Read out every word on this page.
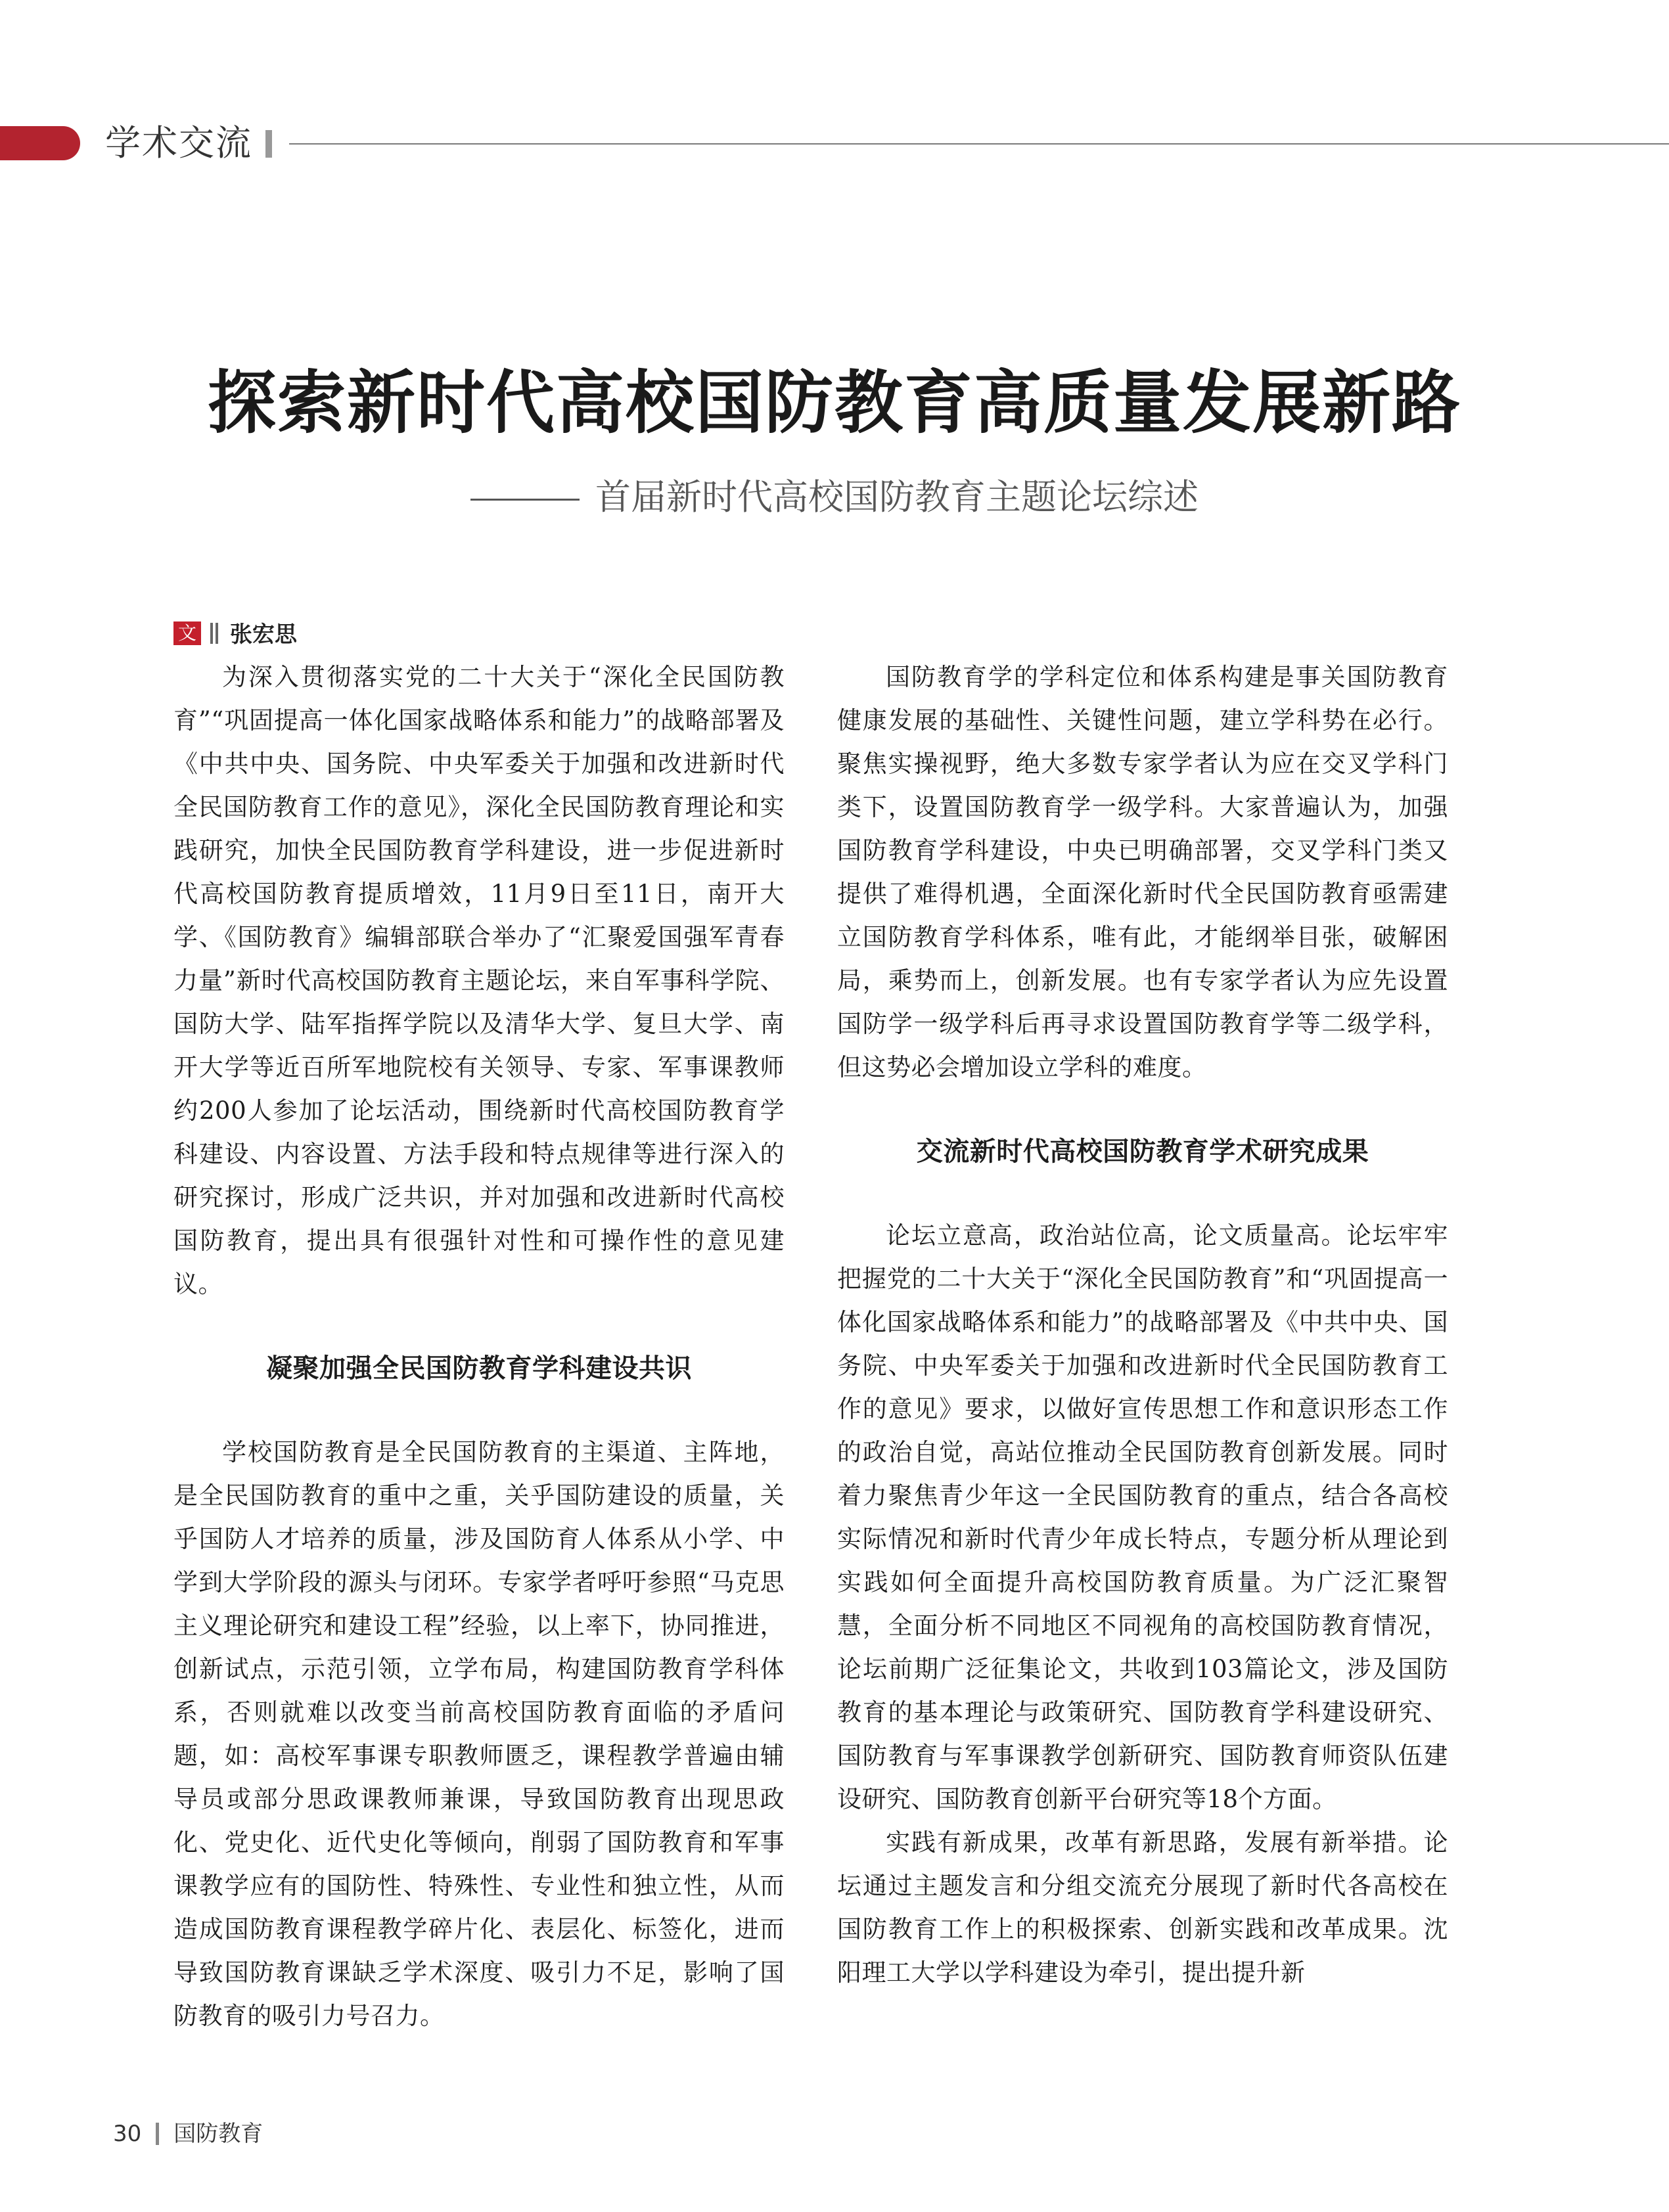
学术交流
探索新时代高校国防教育高质量发展新路
首届新时代高校国防教育主题论坛综述
文 张宏思

为深入贯彻落实党的二十大关于“深化全民国防教育”“巩固提高一体化国家战略体系和能力”的战略部署及《中共中央、国务院、中央军委关于加强和改进新时代全民国防教育工作的意见》，深化全民国防教育理论和实践研究，加快全民国防教育学科建设，进一步促进新时代高校国防教育提质增效，11月9日至11日，南开大学、《国防教育》编辑部联合举办了“汇聚爱国强军青春力量”新时代高校国防教育主题论坛，来自军事科学院、国防大学、陆军指挥学院以及清华大学、复旦大学、南开大学等近百所军地院校有关领导、专家、军事课教师约200人参加了论坛活动，围绕新时代高校国防教育学科建设、内容设置、方法手段和特点规律等进行深入的研究探讨，形成广泛共识，并对加强和改进新时代高校国防教育，提出具有很强针对性和可操作性的意见建议。

凝聚加强全民国防教育学科建设共识

学校国防教育是全民国防教育的主渠道、主阵地，是全民国防教育的重中之重，关乎国防建设的质量，关乎国防人才培养的质量，涉及国防育人体系从小学、中学到大学阶段的源头与闭环。专家学者呼吁参照“马克思主义理论研究和建设工程”经验，以上率下，协同推进，创新试点，示范引领，立学布局，构建国防教育学科体系，否则就难以改变当前高校国防教育面临的矛盾问题，如：高校军事课专职教师匮乏，课程教学普遍由辅导员或部分思政课教师兼课，导致国防教育出现思政化、党史化、近代史化等倾向，削弱了国防教育和军事课教学应有的国防性、特殊性、专业性和独立性，从而造成国防教育课程教学碎片化、表层化、标签化，进而导致国防教育课缺乏学术深度、吸引力不足，影响了国防教育的吸引力号召力。

国防教育学的学科定位和体系构建是事关国防教育健康发展的基础性、关键性问题，建立学科势在必行。聚焦实操视野，绝大多数专家学者认为应在交叉学科门类下，设置国防教育学一级学科。大家普遍认为，加强国防教育学科建设，中央已明确部署，交叉学科门类又提供了难得机遇，全面深化新时代全民国防教育亟需建立国防教育学科体系，唯有此，才能纲举目张，破解困局，乘势而上，创新发展。也有专家学者认为应先设置国防学一级学科后再寻求设置国防教育学等二级学科，但这势必会增加设立学科的难度。

交流新时代高校国防教育学术研究成果

论坛立意高，政治站位高，论文质量高。论坛牢牢把握党的二十大关于“深化全民国防教育”和“巩固提高一体化国家战略体系和能力”的战略部署及《中共中央、国务院、中央军委关于加强和改进新时代全民国防教育工作的意见》要求，以做好宣传思想工作和意识形态工作的政治自觉，高站位推动全民国防教育创新发展。同时着力聚焦青少年这一全民国防教育的重点，结合各高校实际情况和新时代青少年成长特点，专题分析从理论到实践如何全面提升高校国防教育质量。为广泛汇聚智慧，全面分析不同地区不同视角的高校国防教育情况，论坛前期广泛征集论文，共收到103篇论文，涉及国防教育的基本理论与政策研究、国防教育学科建设研究、国防教育与军事课教学创新研究、国防教育师资队伍建设研究、国防教育创新平台研究等18个方面。

实践有新成果，改革有新思路，发展有新举措。论坛通过主题发言和分组交流充分展现了新时代各高校在国防教育工作上的积极探索、创新实践和改革成果。沈阳理工大学以学科建设为牵引，提出提升新

30 国防教育
